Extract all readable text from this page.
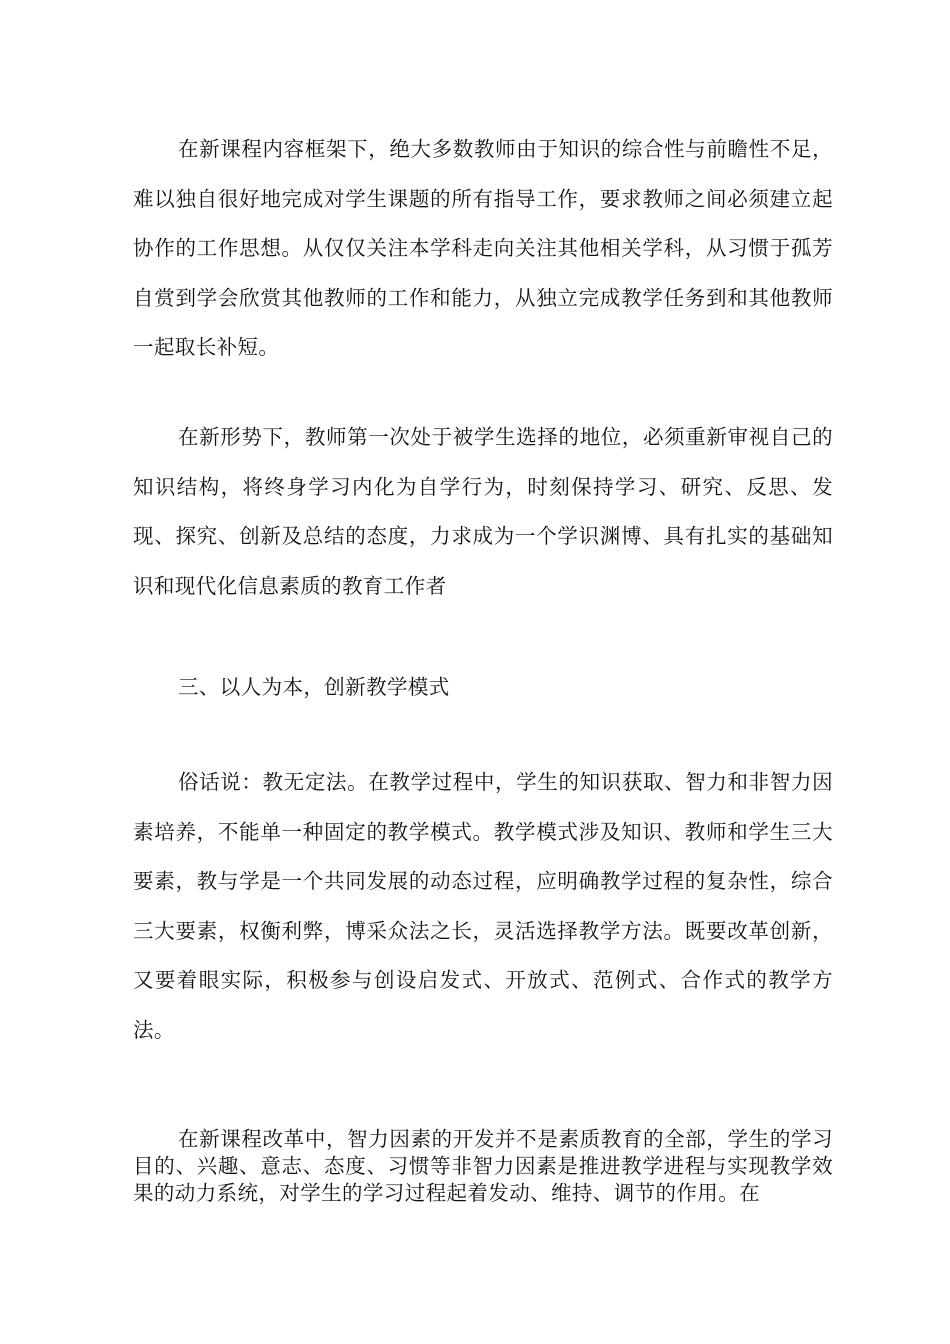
在新课程内容框架下，绝大多数教师由于知识的综合性与前瞻性不足，难以独自很好地完成对学生课题的所有指导工作，要求教师之间必须建立起协作的工作思想。从仅仅关注本学科走向关注其他相关学科，从习惯于孤芳自赏到学会欣赏其他教师的工作和能力，从独立完成教学任务到和其他教师一起取长补短。

在新形势下，教师第一次处于被学生选择的地位，必须重新审视自己的知识结构，将终身学习内化为自学行为，时刻保持学习、研究、反思、发现、探究、创新及总结的态度，力求成为一个学识渊博、具有扎实的基础知识和现代化信息素质的教育工作者

三、以人为本，创新教学模式

俗话说：教无定法。在教学过程中，学生的知识获取、智力和非智力因素培养，不能单一种固定的教学模式。教学模式涉及知识、教师和学生三大要素，教与学是一个共同发展的动态过程，应明确教学过程的复杂性，综合三大要素，权衡利弊，博采众法之长，灵活选择教学方法。既要改革创新，又要着眼实际，积极参与创设启发式、开放式、范例式、合作式的教学方法。

在新课程改革中，智力因素的开发并不是素质教育的全部，学生的学习目的、兴趣、意志、态度、习惯等非智力因素是推进教学进程与实现教学效果的动力系统，对学生的学习过程起着发动、维持、调节的作用。在
